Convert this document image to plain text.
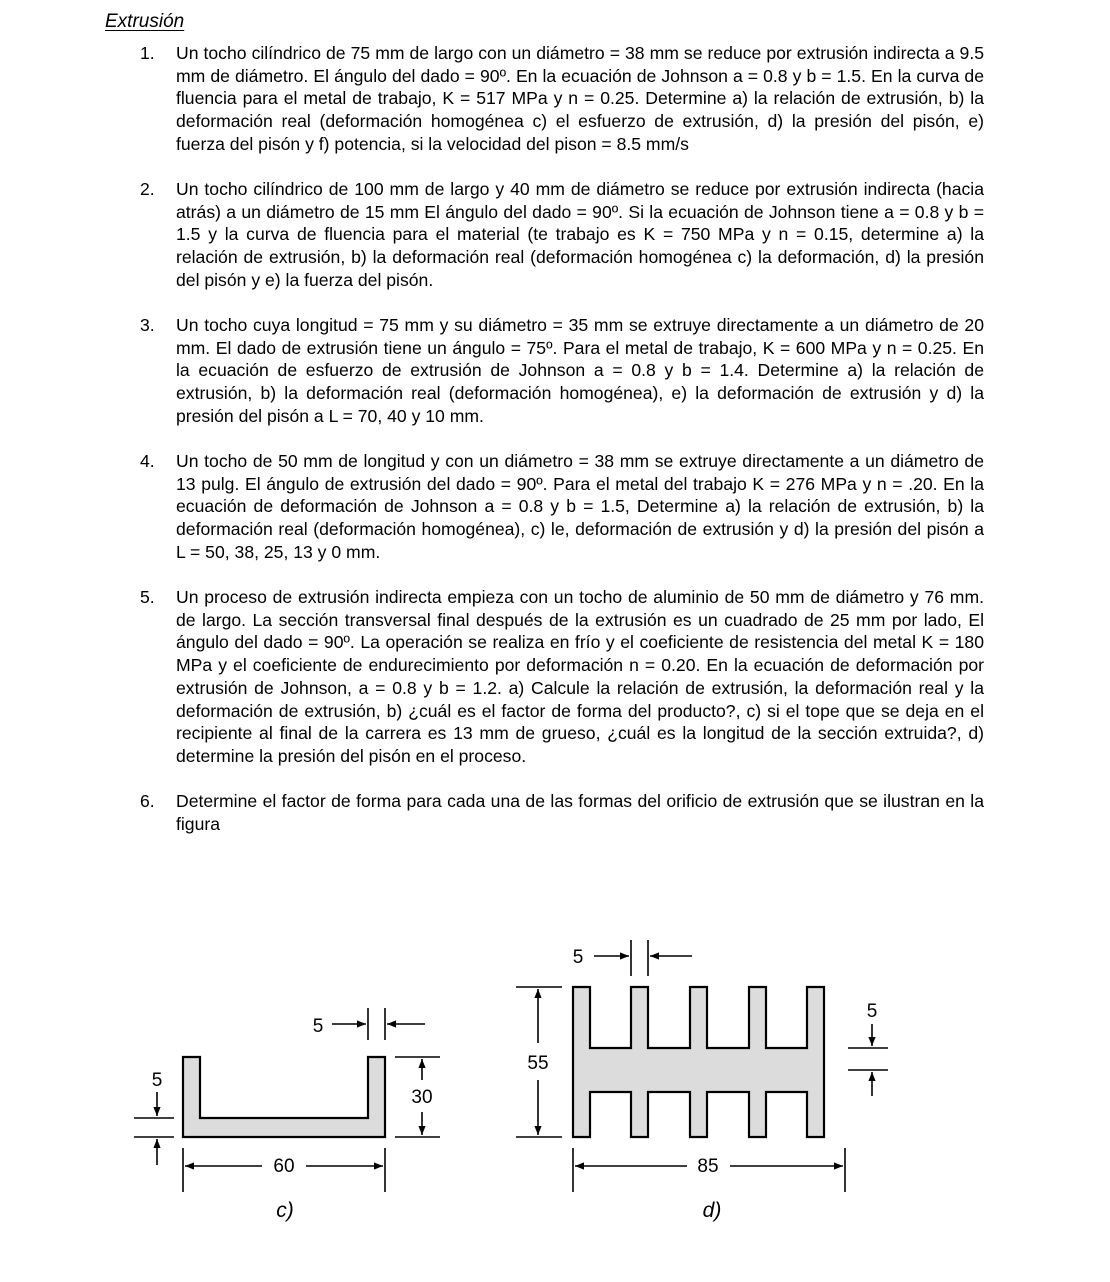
Extrusión
1. Un tocho cilíndrico de 75 mm de largo con un diámetro = 38 mm se reduce por extrusión indirecta a 9.5 mm de diámetro. El ángulo del dado = 90º. En la ecuación de Johnson a = 0.8 y b = 1.5. En la curva de fluencia para el metal de trabajo, K = 517 MPa y n = 0.25. Determine a) la relación de extrusión, b) la deformación real (deformación homogénea c) el esfuerzo de extrusión, d) la presión del pisón, e) fuerza del pisón y f) potencia, si la velocidad del pison = 8.5 mm/s
2. Un tocho cilíndrico de 100 mm de largo y 40 mm de diámetro se reduce por extrusión indirecta (hacia atrás) a un diámetro de 15 mm El ángulo del dado = 90º. Si la ecuación de Johnson tiene a = 0.8 y b = 1.5 y la curva de fluencia para el material (te trabajo es K = 750 MPa y n = 0.15, determine a) la relación de extrusión, b) la deformación real (deformación homogénea c) la deformación, d) la presión del pisón y e) la fuerza del pisón.
3. Un tocho cuya longitud = 75 mm y su diámetro = 35 mm se extruye directamente a un diámetro de 20 mm. El dado de extrusión tiene un ángulo = 75º. Para el metal de trabajo, K = 600 MPa y n = 0.25. En la ecuación de esfuerzo de extrusión de Johnson a = 0.8 y b = 1.4. Determine a) la relación de extrusión, b) la deformación real (deformación homogénea), e) la deformación de extrusión y d) la presión del pisón a L = 70, 40 y 10 mm.
4. Un tocho de 50 mm de longitud y con un diámetro = 38 mm se extruye directamente a un diámetro de 13 pulg. El ángulo de extrusión del dado = 90º. Para el metal del trabajo K = 276 MPa y n = .20. En la ecuación de deformación de Johnson a = 0.8 y b = 1.5, Determine a) la relación de extrusión, b) la deformación real (deformación homogénea), c) le, deformación de extrusión y d) la presión del pisón a L = 50, 38, 25, 13 y 0 mm.
5. Un proceso de extrusión indirecta empieza con un tocho de aluminio de 50 mm de diámetro y 76 mm. de largo. La sección transversal final después de la extrusión es un cuadrado de 25 mm por lado, El ángulo del dado = 90º. La operación se realiza en frío y el coeficiente de resistencia del metal K = 180 MPa y el coeficiente de endurecimiento por deformación n = 0.20. En la ecuación de deformación por extrusión de Johnson, a = 0.8 y b = 1.2. a) Calcule la relación de extrusión, la deformación real y la deformación de extrusión, b) ¿cuál es el factor de forma del producto?, c) si el tope que se deja en el recipiente al final de la carrera es 13 mm de grueso, ¿cuál es la longitud de la sección extruida?, d) determine la presión del pisón en el proceso.
6. Determine el factor de forma para cada una de las formas del orificio de extrusión que se ilustran en la figura
5
5
30
60
c)
5
55
5
85
d)
